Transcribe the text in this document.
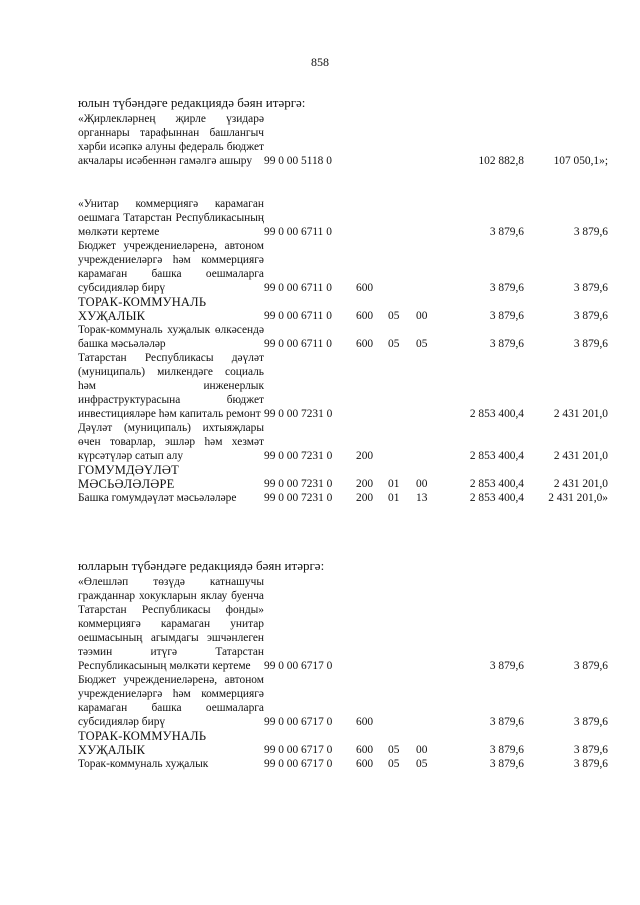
858
юлын түбәндәге редакциядә бәян итәргә:
«Җирлекләрнең җирле үзидарә органнары тарафыннан башлангыч хәрби исәпкә алуны федераль бюджет акчалары исәбеннән гамәлгә ашыру	99 0 00 5118 0				102 882,8	107 050,1»;
«Унитар коммерциягә карамаган оешмага Татарстан Республикасының мөлкәти кертеме	99 0 00 6711 0				3 879,6	3 879,6
Бюджет учреждениеләренә, автоном учреждениеләргә һәм коммерциягә карамаган башка оешмаларга субсидияләр бирү	99 0 00 6711 0	600			3 879,6	3 879,6
ТОРАК-КОММУНАЛЬ ХУҖАЛЫК	99 0 00 6711 0	600	05	00	3 879,6	3 879,6
Торак-коммуналь хуҗалык өлкәсендә башка мәсьәләләр	99 0 00 6711 0	600	05	05	3 879,6	3 879,6
Татарстан Республикасы дәүләт (муниципаль) милкендәге социаль һәм инженерлык инфраструктурасына бюджет инвестицияләре һәм капиталь ремонт	99 0 00 7231 0				2 853 400,4	2 431 201,0
Дәүләт (муниципаль) ихтыяҗлары өчен товарлар, эшләр һәм хезмәт күрсәтүләр сатып алу	99 0 00 7231 0	200			2 853 400,4	2 431 201,0
ГОМУМДӘҮЛӘТ МӘСЬӘЛӘЛӘРЕ	99 0 00 7231 0	200	01	00	2 853 400,4	2 431 201,0
Башка гомумдәүләт мәсьәләләре	99 0 00 7231 0	200	01	13	2 853 400,4	2 431 201,0»
юлларын түбәндәге редакциядә бәян итәргә:
«Өлешләп төзүдә катнашучы гражданнар хокукларын яклау буенча Татарстан Республикасы фонды» коммерциягә карамаган унитар оешмасының агымдагы эшчәнлеген тәэмин итүгә Татарстан Республикасының мөлкәти кертеме	99 0 00 6717 0				3 879,6	3 879,6
Бюджет учреждениеләренә, автоном учреждениеләргә һәм коммерциягә карамаган башка оешмаларга субсидияләр бирү	99 0 00 6717 0	600			3 879,6	3 879,6
ТОРАК-КОММУНАЛЬ ХУҖАЛЫК	99 0 00 6717 0	600	05	00	3 879,6	3 879,6
Торак-коммуналь хуҗалык	99 0 00 6717 0	600	05	05	3 879,6	3 879,6
